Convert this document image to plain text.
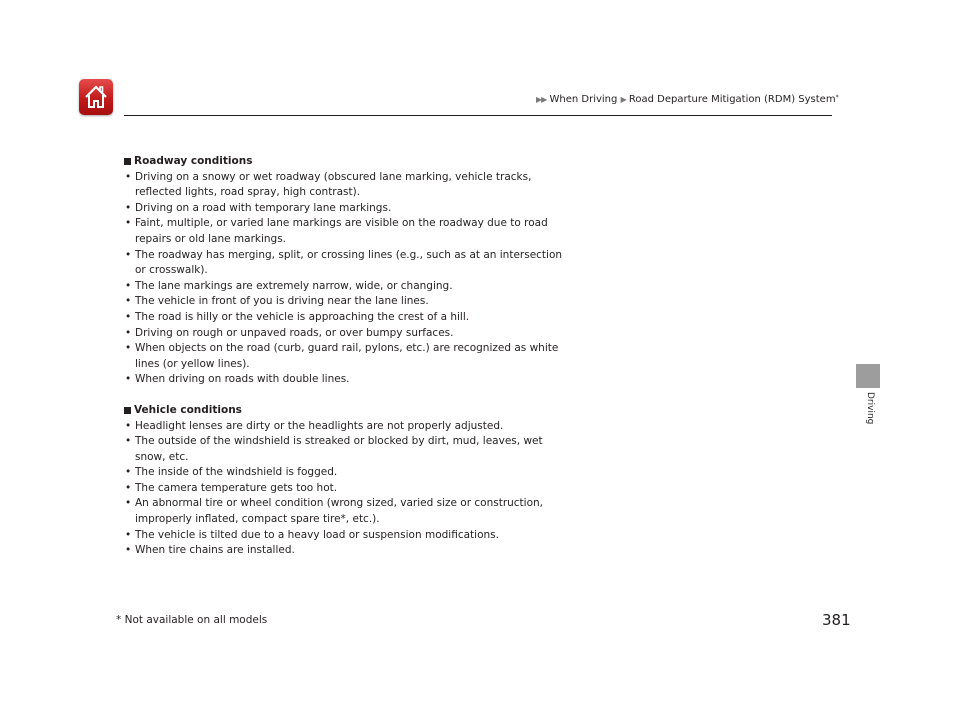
▶▶ When Driving ▶ Road Departure Mitigation (RDM) System*
Driving
Roadway conditions
• Driving on a snowy or wet roadway (obscured lane marking, vehicle tracks, reflected lights, road spray, high contrast).
• Driving on a road with temporary lane markings.
• Faint, multiple, or varied lane markings are visible on the roadway due to road repairs or old lane markings.
• The roadway has merging, split, or crossing lines (e.g., such as at an intersection or crosswalk).
• The lane markings are extremely narrow, wide, or changing.
• The vehicle in front of you is driving near the lane lines.
• The road is hilly or the vehicle is approaching the crest of a hill.
• Driving on rough or unpaved roads, or over bumpy surfaces.
• When objects on the road (curb, guard rail, pylons, etc.) are recognized as white lines (or yellow lines).
• When driving on roads with double lines.
Vehicle conditions
• Headlight lenses are dirty or the headlights are not properly adjusted.
• The outside of the windshield is streaked or blocked by dirt, mud, leaves, wet snow, etc.
• The inside of the windshield is fogged.
• The camera temperature gets too hot.
• An abnormal tire or wheel condition (wrong sized, varied size or construction, improperly inflated, compact spare tire*, etc.).
• The vehicle is tilted due to a heavy load or suspension modifications.
• When tire chains are installed.
* Not available on all models	381
